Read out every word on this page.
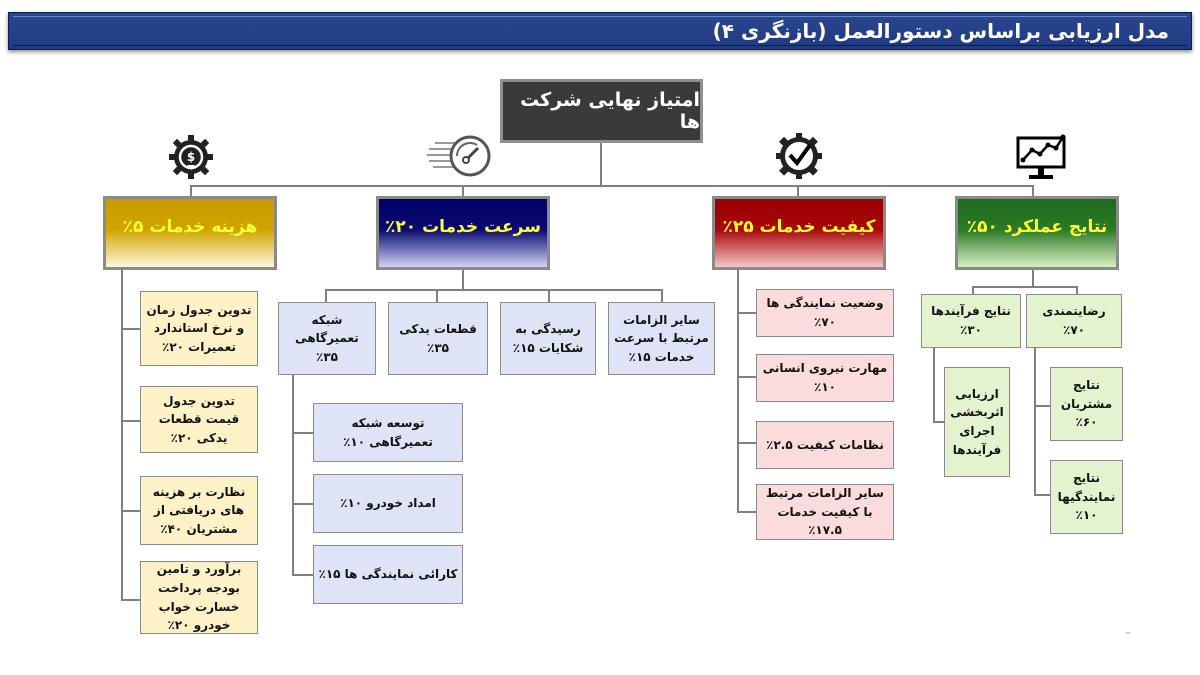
مدل ارزیابی براساس دستورالعمل (بازنگری ۴)
امتیاز نهایی شرکت ها
$
نتایج عملکرد ۵۰٪
کیفیت خدمات ۲۵٪
سرعت خدمات ۲۰٪
هزینه خدمات ۵٪
رضایتمندی ۷۰٪
نتایج فرآیندها ۳۰٪
نتایج مشتریان ۶۰٪
نتایج نمایندگیها ۱۰٪
ارزیابی اثربخشی اجرای فرآیندها
وضعیت نمایندگی ها ۷۰٪
مهارت نیروی انسانی ۱۰٪
نظامات کیفیت ۲.۵٪
سایر الزامات مرتبط با کیفیت خدمات ۱۷.۵٪
سایر الزامات مرتبط با سرعت خدمات ۱۵٪
رسیدگی به شکایات ۱۵٪
قطعات یدکی ۳۵٪
شبکه تعمیرگاهی ۳۵٪
توسعه شبکه تعمیرگاهی ۱۰٪
امداد خودرو ۱۰٪
کارائی نمایندگی ها ۱۵٪
تدوین جدول زمان و نرخ استاندارد تعمیرات ۲۰٪
تدوین جدول قیمت قطعات یدکی ۲۰٪
نظارت بر هزینه های دریافتی از مشتریان ۴۰٪
برآورد و تامین بودجه پرداخت خسارت خواب خودرو ۲۰٪
